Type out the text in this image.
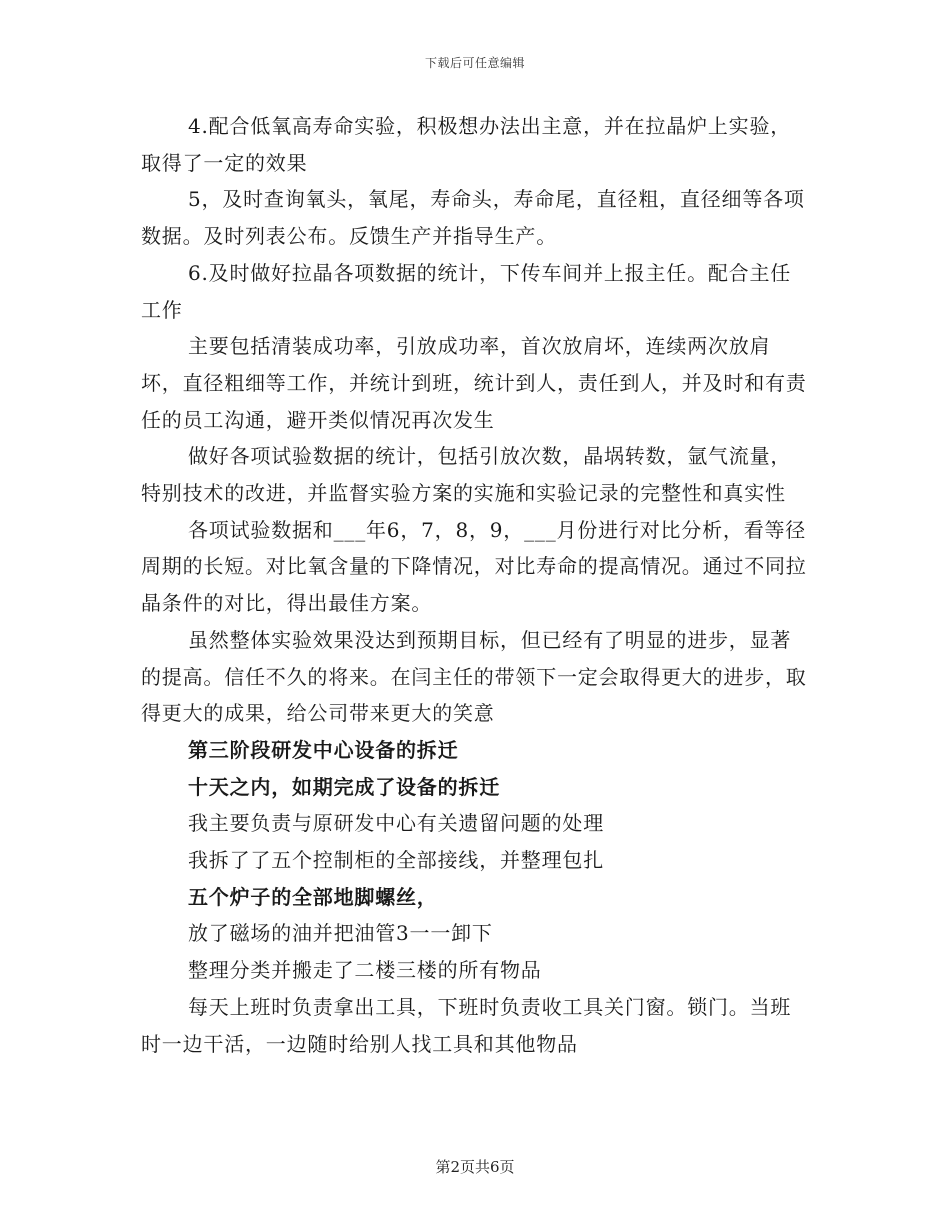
下载后可任意编辑

4.配合低氧高寿命实验，积极想办法出主意，并在拉晶炉上实验，取得了一定的效果

5，及时查询氧头，氧尾，寿命头，寿命尾，直径粗，直径细等各项数据。及时列表公布。反馈生产并指导生产。

6.及时做好拉晶各项数据的统计，下传车间并上报主任。配合主任工作

主要包括清装成功率，引放成功率，首次放肩坏，连续两次放肩坏，直径粗细等工作，并统计到班，统计到人，责任到人，并及时和有责任的员工沟通，避开类似情况再次发生

做好各项试验数据的统计，包括引放次数，晶埚转数，氩气流量，特别技术的改进，并监督实验方案的实施和实验记录的完整性和真实性

各项试验数据和___年6，7，8，9，___月份进行对比分析，看等径周期的长短。对比氧含量的下降情况，对比寿命的提高情况。通过不同拉晶条件的对比，得出最佳方案。

虽然整体实验效果没达到预期目标，但已经有了明显的进步，显著的提高。信任不久的将来。在闫主任的带领下一定会取得更大的进步，取得更大的成果，给公司带来更大的笑意

第三阶段研发中心设备的拆迁

十天之内，如期完成了设备的拆迁

我主要负责与原研发中心有关遗留问题的处理

我拆了了五个控制柜的全部接线，并整理包扎

五个炉子的全部地脚螺丝，

放了磁场的油并把油管3一一卸下

整理分类并搬走了二楼三楼的所有物品

每天上班时负责拿出工具，下班时负责收工具关门窗。锁门。当班时一边干活，一边随时给别人找工具和其他物品

第2页共6页
